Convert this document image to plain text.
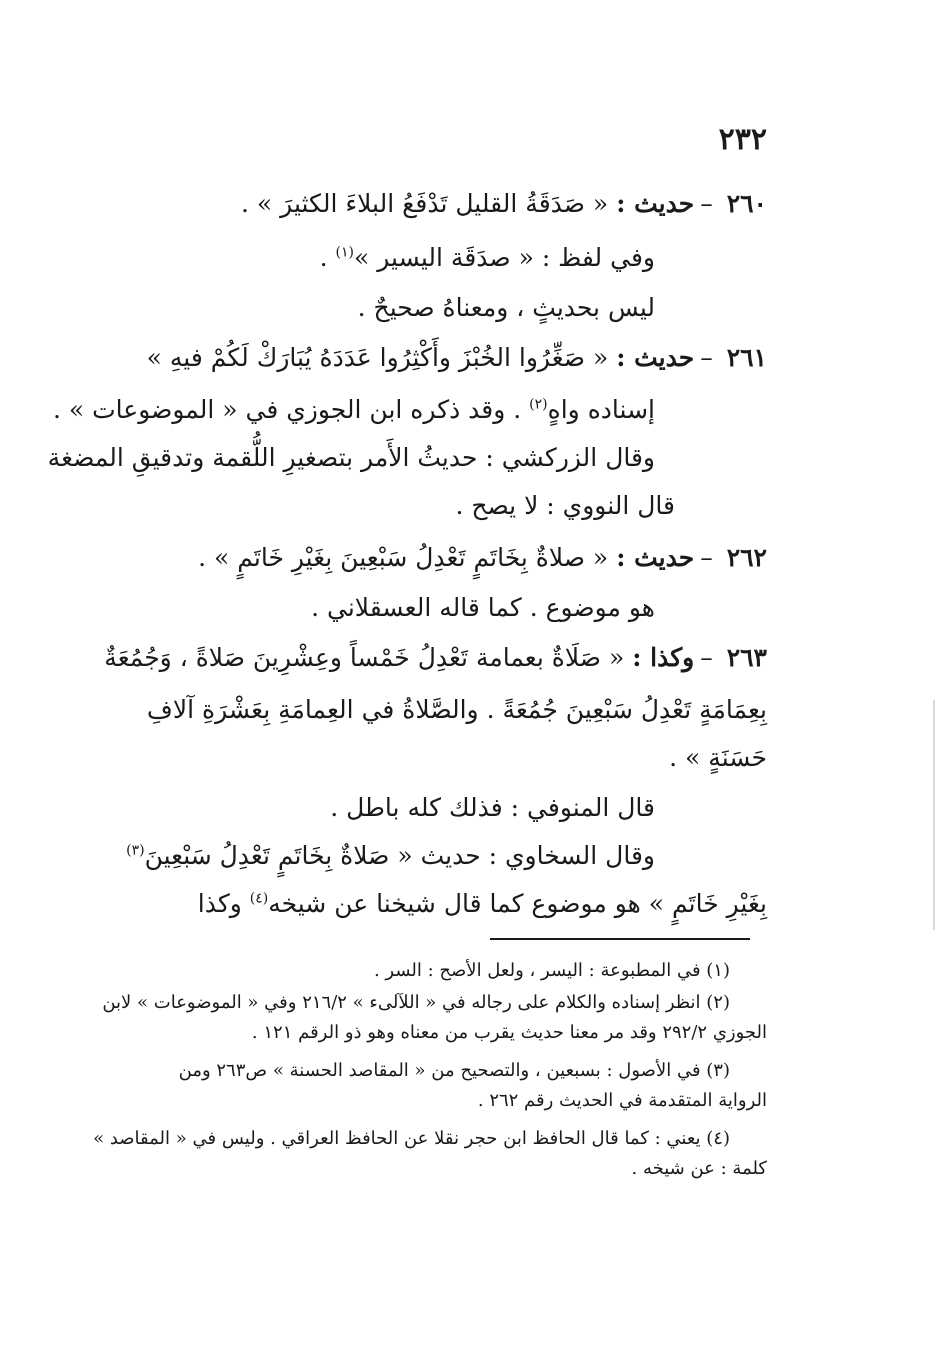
٢٣٢
٢٦٠–حديث : « صَدَقَةُ القليل تَدْفَعُ البلاءَ الكثيرَ » .
وفي لفظ : « صدَقَة اليسير »$^{(١)}$ .
ليس بحديثٍ ، ومعناهُ صحيحٌ .
٢٦١–حديث : « صَغِّرُوا الخُبْزَ وأَكْثِرُوا عَدَدَهُ يُبَارَكْ لَكُمْ فيهِ »
إسناده واهٍ$^{(٢)}$ . وقد ذكره ابن الجوزي في « الموضوعات » .
وقال الزركشي : حديثُ الأَمر بتصغيرِ اللُّقمة وتدقيقِ المضغة
قال النووي : لا يصح .
٢٦٢–حديث : « صلاةٌ بِخَاتَمٍ تَعْدِلُ سَبْعِينَ بِغَيْرِ خَاتَمٍ » .
هو موضوع . كما قاله العسقلاني .
٢٦٣–وكذا : « صَلَاةٌ بعمامة تَعْدِلُ خَمْساً وعِشْرِينَ صَلاةً ، وَجُمُعَةٌ
بِعِمَامَةٍ تَعْدِلُ سَبْعِينَ جُمُعَةً . والصَّلاةُ في العِمامَةِ بِعَشْرَةِ آلافِ
حَسَنَةٍ » .
قال المنوفي : فذلك كله باطل .
وقال السخاوي : حديث « صَلاةٌ بِخَاتَمٍ تَعْدِلُ سَبْعِينَ$^{(٣)}$
بِغَيْرِ خَاتَمٍ » هو موضوع كما قال شيخنا عن شيخه$^{(٤)}$ وكذا
(١) في المطبوعة : اليسر ، ولعل الأصح : السر .
(٢) انظر إسناده والكلام على رجاله في « اللآلىء » ٢١٦/٢ وفي « الموضوعات » لابن
الجوزي ٢٩٢/٢ وقد مر معنا حديث يقرب من معناه وهو ذو الرقم ١٢١ .
(٣) في الأصول : بسبعين ، والتصحيح من « المقاصد الحسنة » ص٢٦٣ ومن
الرواية المتقدمة في الحديث رقم ٢٦٢ .
(٤) يعني : كما قال الحافظ ابن حجر نقلا عن الحافظ العراقي . وليس في « المقاصد »
كلمة : عن شيخه .
